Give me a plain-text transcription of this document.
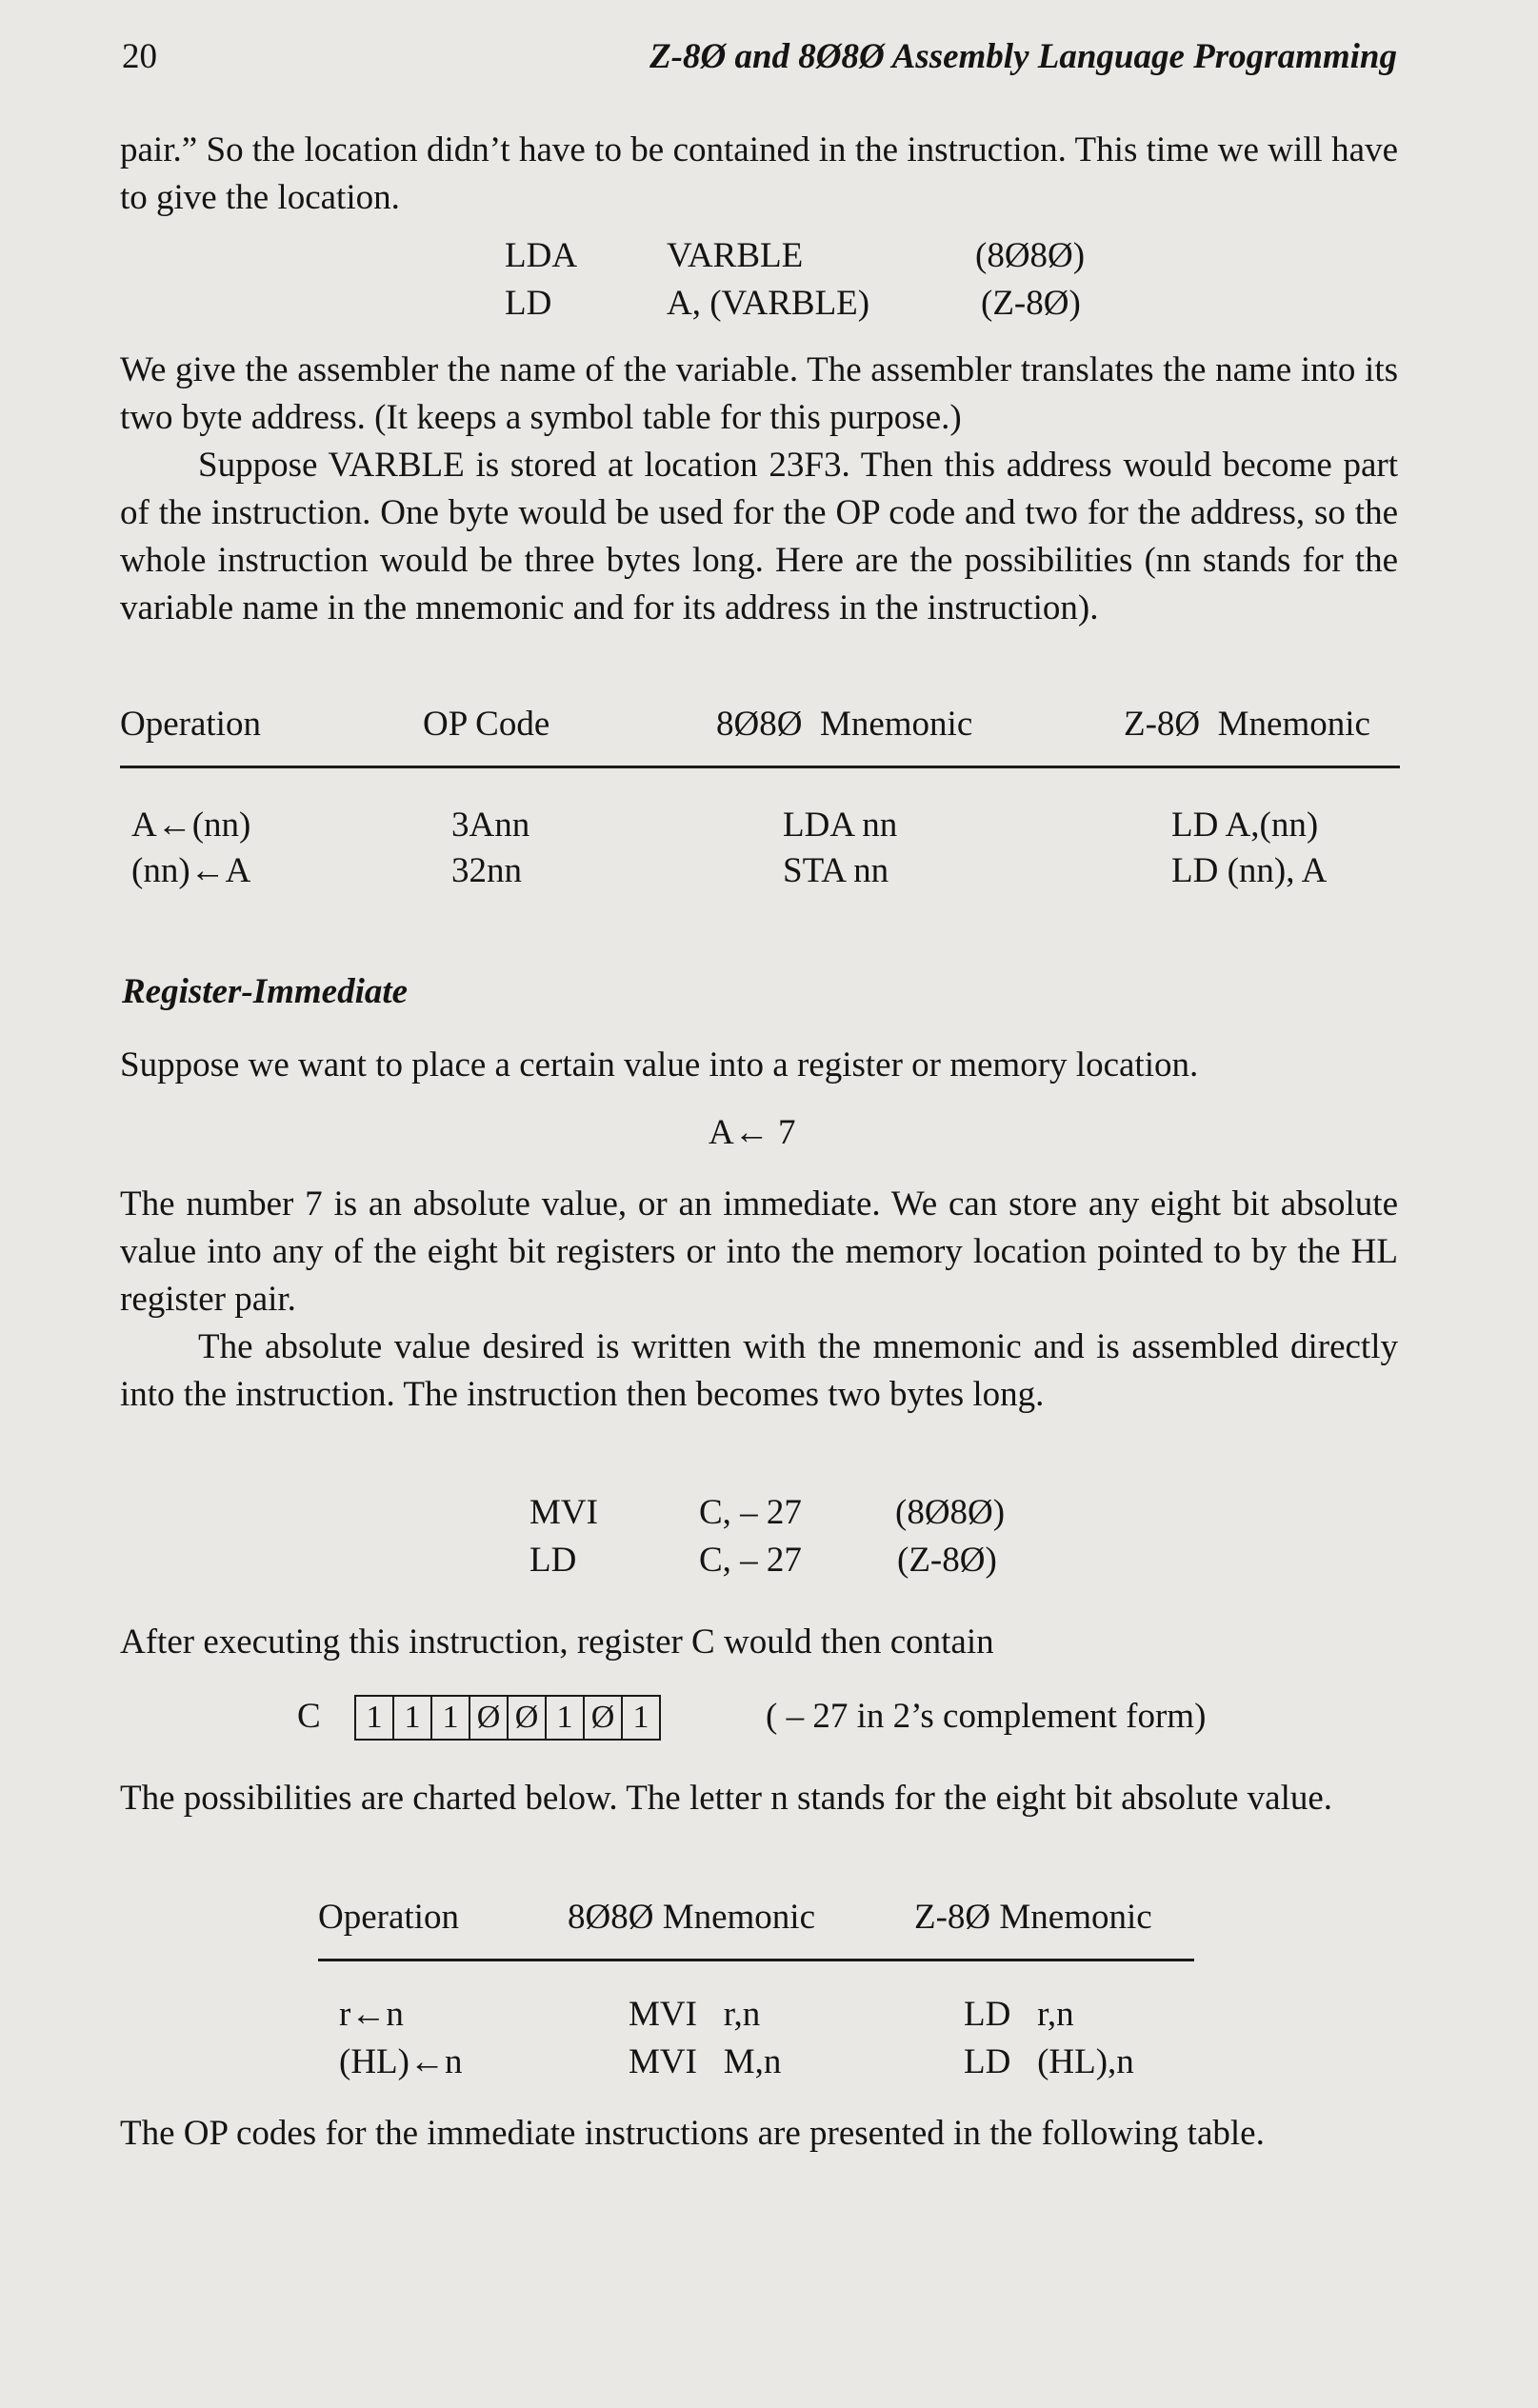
20	Z-8Ø and 8Ø8Ø Assembly Language Programming
pair.” So the location didn’t have to be contained in the instruction. This time we will have to give the location.
LDA	VARBLE	(8Ø8Ø)
LD	A, (VARBLE)	(Z-8Ø)
We give the assembler the name of the variable. The assembler translates the name into its two byte address. (It keeps a symbol table for this purpose.)
Suppose VARBLE is stored at location 23F3. Then this address would become part of the instruction. One byte would be used for the OP code and two for the address, so the whole instruction would be three bytes long. Here are the possibilities (nn stands for the variable name in the mnemonic and for its address in the instruction).
Operation	OP Code	8Ø8Ø  Mnemonic	Z-8Ø  Mnemonic
A←(nn)	3Ann	LDA nn	LD A,(nn)
(nn)←A	32nn	STA nn	LD (nn), A
Register-Immediate
Suppose we want to place a certain value into a register or memory location.
A← 7
The number 7 is an absolute value, or an immediate. We can store any eight bit absolute value into any of the eight bit registers or into the memory location pointed to by the HL register pair.
The absolute value desired is written with the mnemonic and is assembled directly into the instruction. The instruction then becomes two bytes long.
MVI	C, – 27	(8Ø8Ø)
LD	C, – 27	(Z-8Ø)
After executing this instruction, register C would then contain
C	1 1 1 Ø Ø 1 Ø 1	( – 27 in 2’s complement form)
The possibilities are charted below. The letter n stands for the eight bit absolute value.
Operation	8Ø8Ø Mnemonic	Z-8Ø Mnemonic
r←n	MVI   r,n	LD   r,n
(HL)←n	MVI   M,n	LD   (HL),n
The OP codes for the immediate instructions are presented in the following table.
